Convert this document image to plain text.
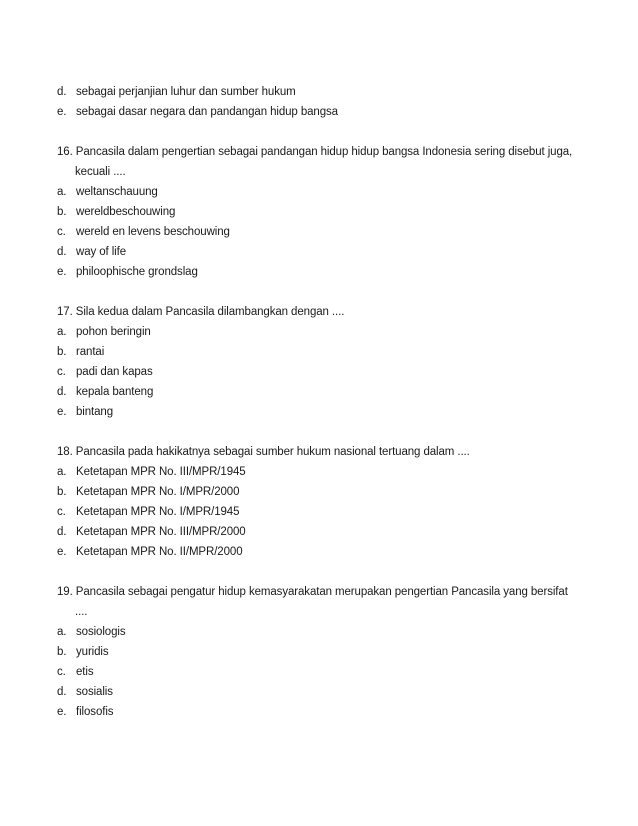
d. sebagai perjanjian luhur dan sumber hukum
e. sebagai dasar negara dan pandangan hidup bangsa
16. Pancasila dalam pengertian sebagai pandangan hidup hidup bangsa Indonesia sering disebut juga,
kecuali ....
a. weltanschauung
b. wereldbeschouwing
c. wereld en levens beschouwing
d. way of life
e. philoophische grondslag
17. Sila kedua dalam Pancasila dilambangkan dengan ....
a. pohon beringin
b. rantai
c. padi dan kapas
d. kepala banteng
e. bintang
18. Pancasila pada hakikatnya sebagai sumber hukum nasional tertuang dalam ....
a. Ketetapan MPR No. III/MPR/1945
b. Ketetapan MPR No. I/MPR/2000
c. Ketetapan MPR No. I/MPR/1945
d. Ketetapan MPR No. III/MPR/2000
e. Ketetapan MPR No. II/MPR/2000
19. Pancasila sebagai pengatur hidup kemasyarakatan merupakan pengertian Pancasila yang bersifat
....
a. sosiologis
b. yuridis
c. etis
d. sosialis
e. filosofis
